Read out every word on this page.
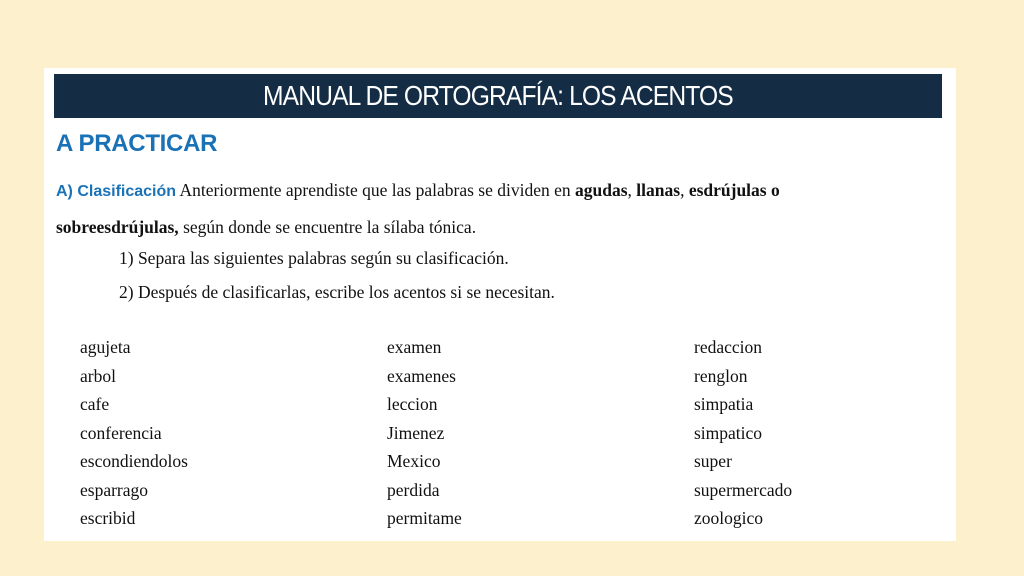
MANUAL DE ORTOGRAFÍA: LOS ACENTOS
A PRACTICAR
A) Clasificación Anteriormente aprendiste que las palabras se dividen en agudas, llanas, esdrújulas o
sobreesdrújulas, según donde se encuentre la sílaba tónica.
1) Separa las siguientes palabras según su clasificación.
2) Después de clasificarlas, escribe los acentos si se necesitan.
agujeta
arbol
cafe
conferencia
escondiendolos
esparrago
escribid
examen
examenes
leccion
Jimenez
Mexico
perdida
permitame
redaccion
renglon
simpatia
simpatico
super
supermercado
zoologico
